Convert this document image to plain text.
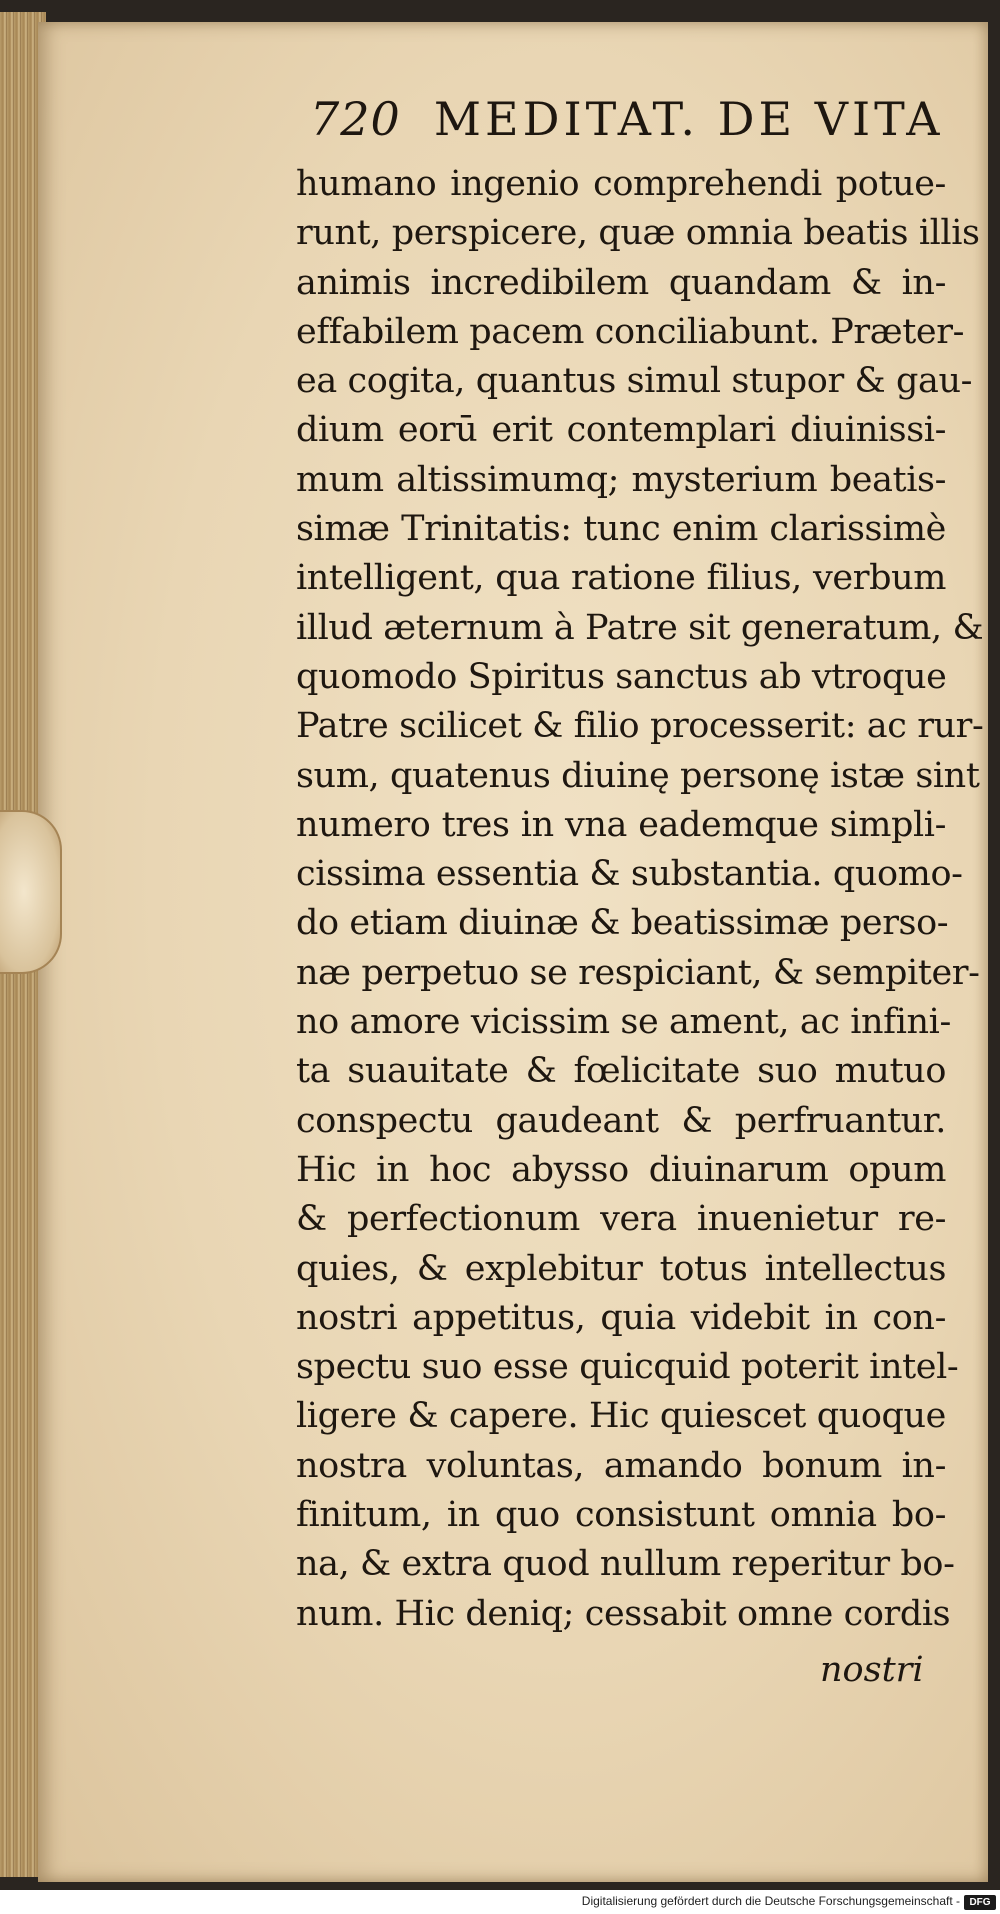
720 MEDITAT. DE VITA
humano ingenio comprehendi potue-
runt, perspicere, quæ omnia beatis illis
animis incredibilem quandam & in-
effabilem pacem conciliabunt. Præter-
ea cogita, quantus simul stupor & gau-
dium eorū erit contemplari diuinissi-
mum altissimumq; mysterium beatis-
simæ Trinitatis: tunc enim clarissimè
intelligent, qua ratione filius, verbum
illud æternum à Patre sit generatum, &
quomodo Spiritus sanctus ab vtroque
Patre scilicet & filio processerit: ac rur-
sum, quatenus diuinę personę istæ sint
numero tres in vna eademque simpli-
cissima essentia & substantia. quomo-
do etiam diuinæ & beatissimæ perso-
næ perpetuo se respiciant, & sempiter-
no amore vicissim se ament, ac infini-
ta suauitate & fœlicitate suo mutuo
conspectu gaudeant & perfruantur.
Hic in hoc abysso diuinarum opum
& perfectionum vera inuenietur re-
quies, & explebitur totus intellectus
nostri appetitus, quia videbit in con-
spectu suo esse quicquid poterit intel-
ligere & capere. Hic quiescet quoque
nostra voluntas, amando bonum in-
finitum, in quo consistunt omnia bo-
na, & extra quod nullum reperitur bo-
num. Hic deniq; cessabit omne cordis
nostri
Digitalisierung gefördert durch die Deutsche Forschungsgemeinschaft - DFG
